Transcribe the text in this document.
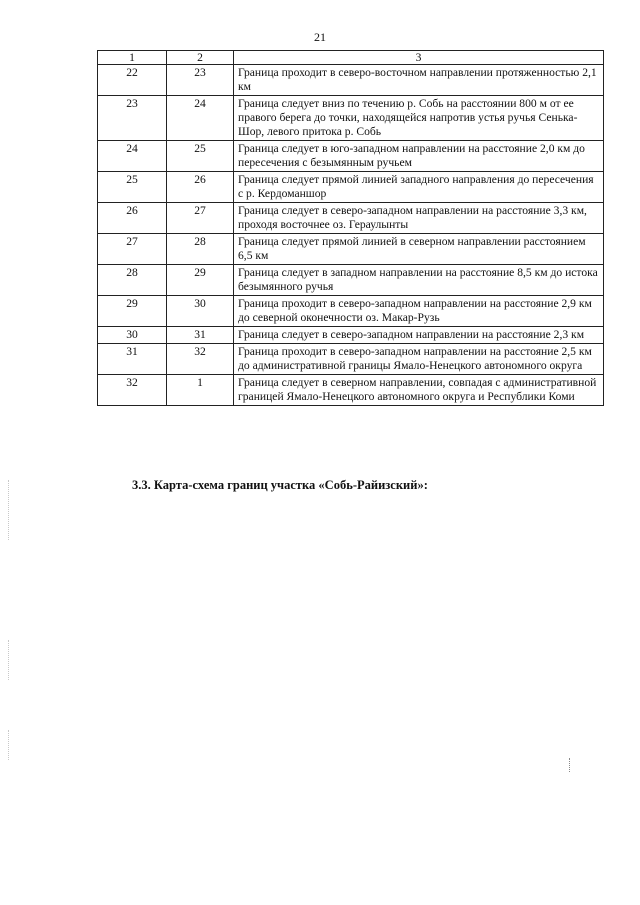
21
1	2	3
22	23	Граница проходит в северо-восточном направлении протяженностью 2,1 км
23	24	Граница следует вниз по течению р. Собь на расстоянии 800 м от ее правого берега до точки, находящейся напротив устья ручья Сенька-Шор, левого притока р. Собь
24	25	Граница следует в юго-западном направлении на расстояние 2,0 км до пересечения с безымянным ручьем
25	26	Граница следует прямой линией западного направления до пересечения с р. Кердоманшор
26	27	Граница следует в северо-западном направлении на расстояние 3,3 км, проходя восточнее оз. Гераулынты
27	28	Граница следует прямой линией в северном направлении расстоянием 6,5 км
28	29	Граница следует в западном направлении на расстояние 8,5 км до истока безымянного ручья
29	30	Граница проходит в северо-западном направлении на расстояние 2,9 км до северной оконечности оз. Макар-Рузь
30	31	Граница следует в северо-западном направлении на расстояние 2,3 км
31	32	Граница проходит в северо-западном направлении на расстояние 2,5 км до административной границы Ямало-Ненецкого автономного округа
32	1	Граница следует в северном направлении, совпадая с административной границей Ямало-Ненецкого автономного округа и Республики Коми
3.3. Карта-схема границ участка «Собь-Райизский»:
